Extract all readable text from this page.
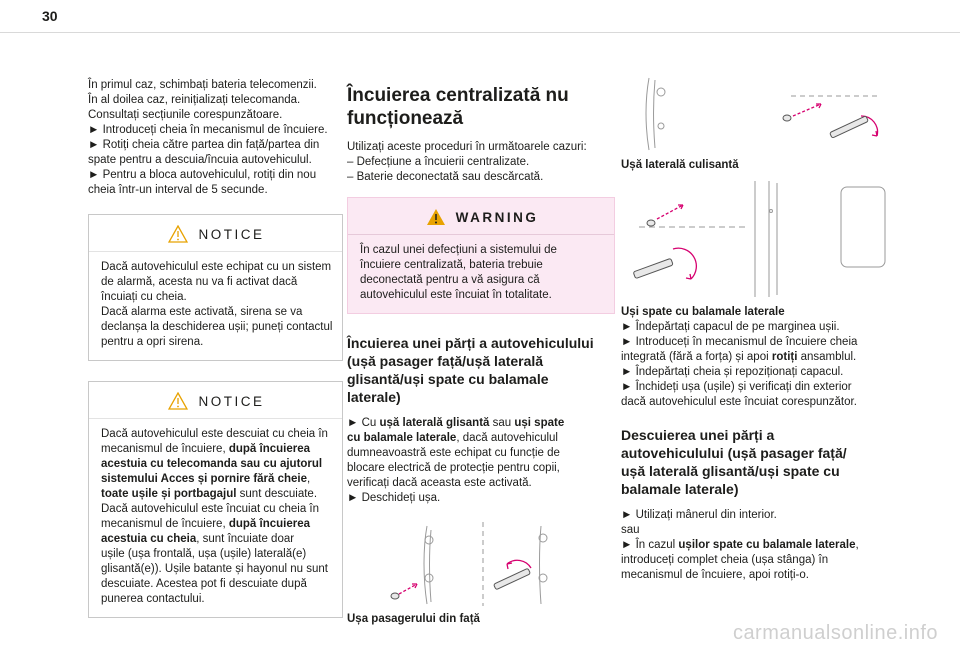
30

În primul caz, schimbați bateria telecomenzii.

În al doilea caz, reinițializați telecomanda.

Consultați secțiunile corespunzătoare.

► Introduceți cheia în mecanismul de încuiere.

► Rotiți cheia către partea din față/partea din

spate pentru a descuia/încuia autovehiculul.

► Pentru a bloca autovehiculul, rotiți din nou

cheia într-un interval de 5 secunde.

NOTICE

Dacă autovehiculul este echipat cu un sistem

de alarmă, acesta nu va fi activat dacă

încuiați cu cheia.

Dacă alarma este activată, sirena se va

declanșa la deschiderea ușii; puneți contactul

pentru a opri sirena.

NOTICE

Dacă autovehiculul este descuiat cu cheia în

mecanismul de încuiere, după încuierea

acestuia cu telecomanda sau cu ajutorul

sistemului Acces și pornire fără cheie,

toate ușile și portbagajul sunt descuiate.

Dacă autovehiculul este încuiat cu cheia în

mecanismul de încuiere, după încuierea

acestuia cu cheia, sunt încuiate doar

ușile (ușa frontală, ușa (ușile) laterală(e)

glisantă(e)). Ușile batante și hayonul nu sunt

descuiate. Acestea pot fi descuiate după

punerea contactului.

Încuierea centralizată nu
funcționează

Utilizați aceste proceduri în următoarele cazuri:

– Defecțiune a încuierii centralizate.

– Baterie deconectată sau descărcată.

WARNING

În cazul unei defecțiuni a sistemului de

încuiere centralizată, bateria trebuie

deconectată pentru a vă asigura că

autovehiculul este încuiat în totalitate.

Încuierea unei părți a autovehiculului
(ușă pasager față/ușă laterală
glisantă/uși spate cu balamale
laterale)

► Cu ușă laterală glisantă sau uși spate

cu balamale laterale, dacă autovehiculul

dumneavoastră este echipat cu funcție de

blocare electrică de protecție pentru copii,

verificați dacă aceasta este activată.

► Deschideți ușa.

Ușa pasagerului din față

Ușă laterală culisantă

Uși spate cu balamale laterale

► Îndepărtați capacul de pe marginea ușii.

► Introduceți în mecanismul de încuiere cheia

integrată (fără a forța) și apoi rotiți ansamblul.

► Îndepărtați cheia și repoziționați capacul.

► Închideți ușa (ușile) și verificați din exterior

dacă autovehiculul este încuiat corespunzător.

Descuierea unei părți a
autovehiculului (ușă pasager față/
ușă laterală glisantă/uși spate cu
balamale laterale)

► Utilizați mânerul din interior.

sau

► În cazul ușilor spate cu balamale laterale,

introduceți complet cheia (ușa stânga) în

mecanismul de încuiere, apoi rotiți-o.

carmanualsonline.info
